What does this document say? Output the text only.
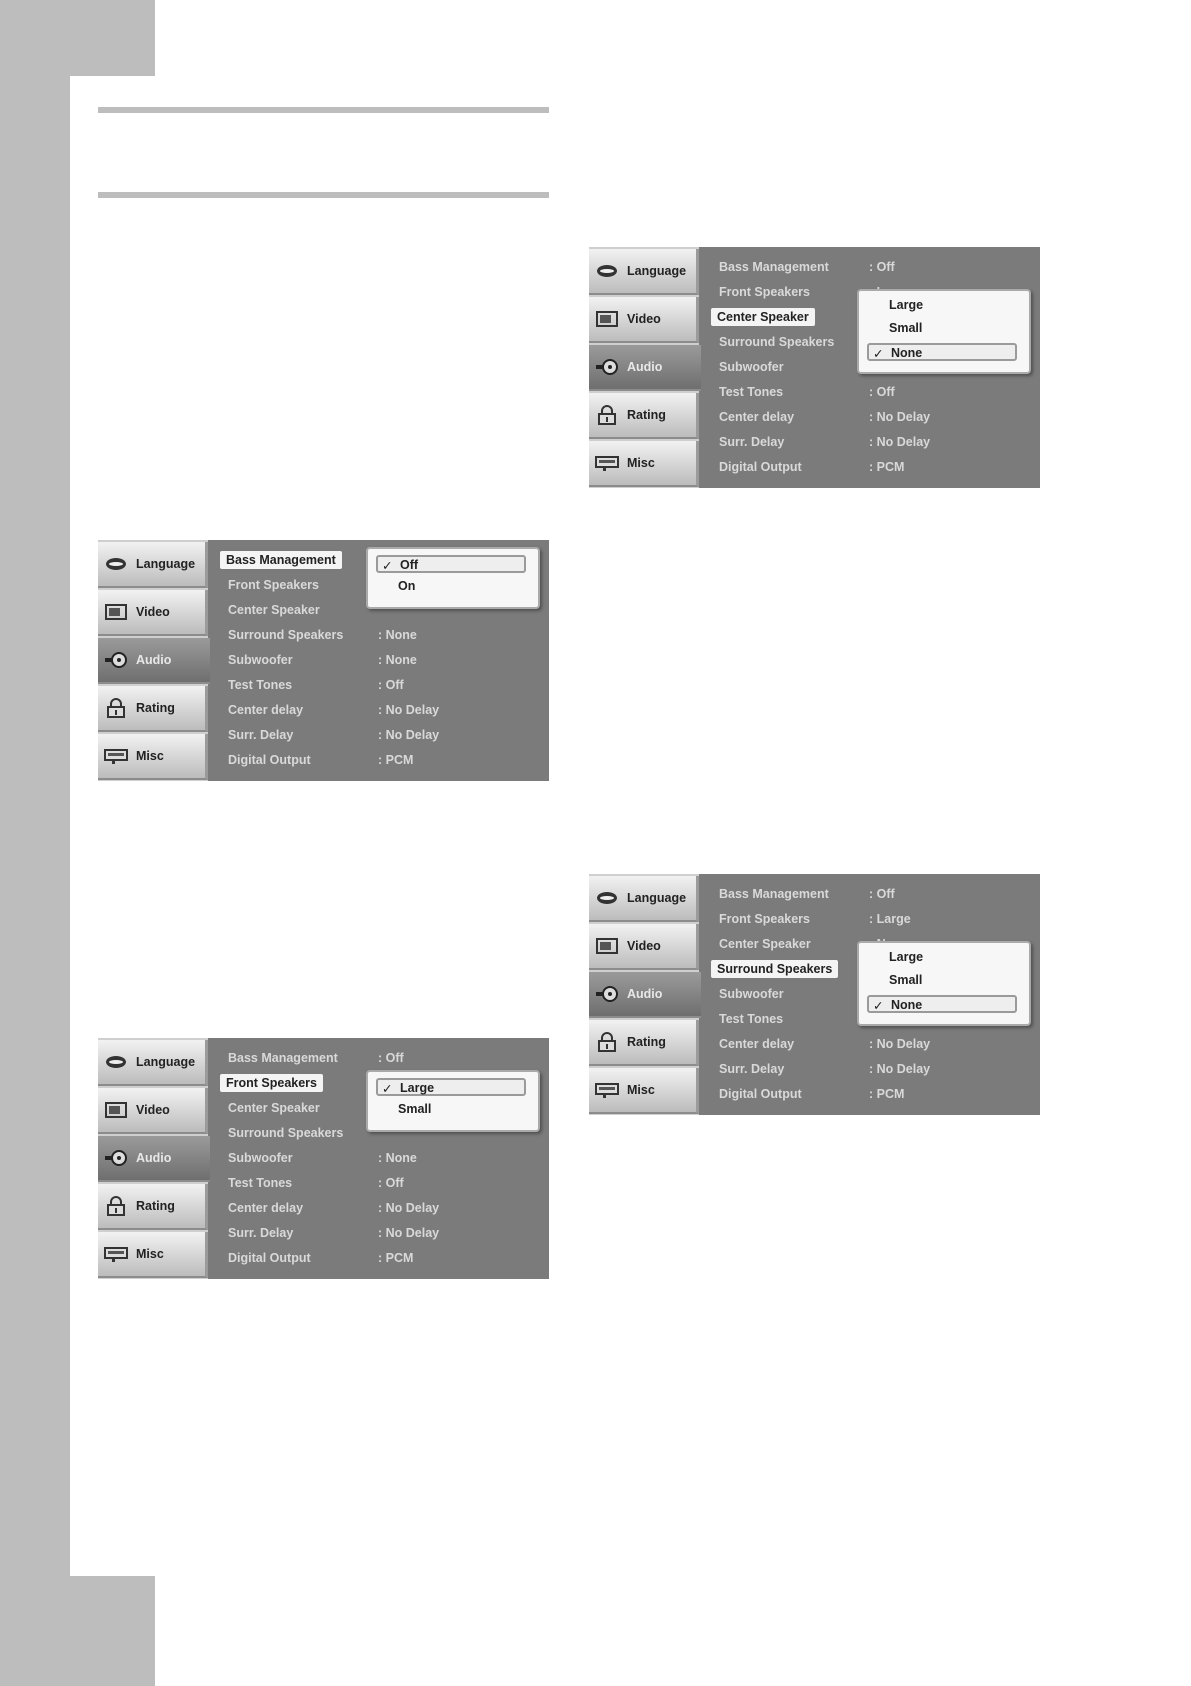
Language
Video
Audio
Rating
Misc
Bass Management
Front Speakers
Center Speaker
Surround Speakers	: None
Subwoofer	: None
Test Tones	: Off
Center delay	: No Delay
Surr. Delay	: No Delay
Digital Output	: PCM
✓ Off
On
Language
Video
Audio
Rating
Misc
Bass Management	: Off
Front Speakers
Center Speaker
Surround Speakers
Subwoofer	: None
Test Tones	: Off
Center delay	: No Delay
Surr. Delay	: No Delay
Digital Output	: PCM
✓ Large
Small
Language
Video
Audio
Rating
Misc
Bass Management	: Off
Front Speakers
Center Speaker
Surround Speakers
Subwoofer
Test Tones	: Off
Center delay	: No Delay
Surr. Delay	: No Delay
Digital Output	: PCM
Large
Small
✓ None
Language
Video
Audio
Rating
Misc
Bass Management	: Off
Front Speakers	: Large
Center Speaker
Surround Speakers
Subwoofer
Test Tones
Center delay	: No Delay
Surr. Delay	: No Delay
Digital Output	: PCM
Large
Small
✓ None
